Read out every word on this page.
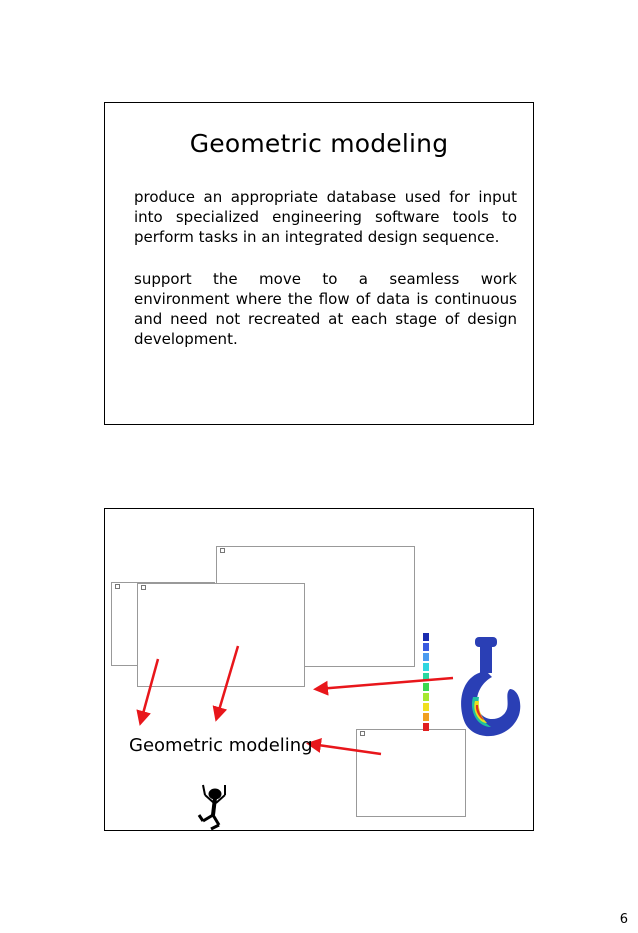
Geometric modeling
produce an appropriate database used for input into specialized engineering software tools to perform tasks in an integrated design sequence.
support the move to a seamless work environment where the flow of data is continuous and need not recreated at each stage of design development.
Geometric modeling
6
